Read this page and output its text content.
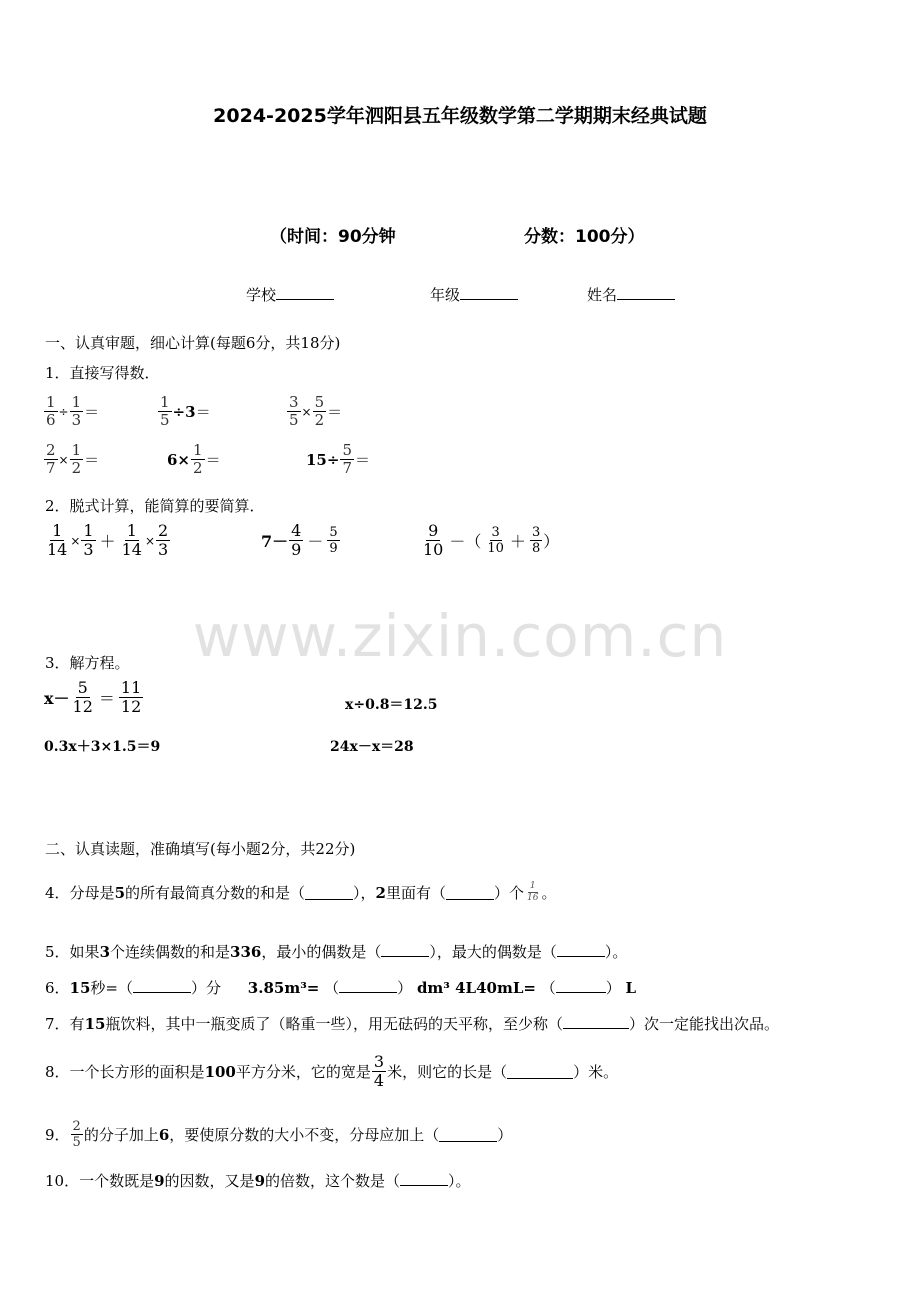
2024-2025学年泗阳县五年级数学第二学期期末经典试题
（时间：90分钟	分数：100分）
学校	年级	姓名
一、认真审题，细心计算(每题6分，共18分)
1．直接写得数．
$\frac{1}{6} \div \frac{1}{3}$ ＝	$\frac{1}{5} \div 3$ ＝	$\frac{3}{5} \times \frac{5}{2}$ ＝
$\frac{2}{7} \times \frac{1}{2}$ ＝	$6\times \frac{1}{2}$ ＝	$15\div \frac{5}{7}$ ＝
2．脱式计算，能简算的要简算．
$\frac{1}{14} \times \frac{1}{3} + \frac{1}{14} \times \frac{2}{3}$	$7- \frac{4}{9} - \frac{5}{9}$	$\frac{9}{10}$ －（ $\frac{3}{10} + \frac{3}{8}$ ）
www.zixin.com.cn
3．解方程。
$x- \frac{5}{12} = \frac{11}{12}$	x÷0.8＝12.5
0.3x＋3×1.5＝9	24x－x＝28
二、认真读题，准确填写(每小题2分，共22分)
4． 分母是 5 的所有最简真分数的和是（	）， 2 里面有（	）个 $\frac{1}{16}$ 。
5．如果3个连续偶数的和是336，最小的偶数是（	），最大的偶数是（	）。
6．15秒=（	）分 3.85m³= （	） dm³ 4L40mL= （	） L
7．有15瓶饮料，其中一瓶变质了（略重一些），用无砝码的天平称，至少称（	）次一定能找出次品。
8． 一个长方形的面积是 100 平方分米，它的宽是 $\frac{3}{4}$ 米，则它的长是（	）米。
9． $\frac{2}{5}$ 的分子加上 6 ，要使原分数的大小不变，分母应加上（	）
10．一个数既是9的因数，又是9的倍数，这个数是（	）。
